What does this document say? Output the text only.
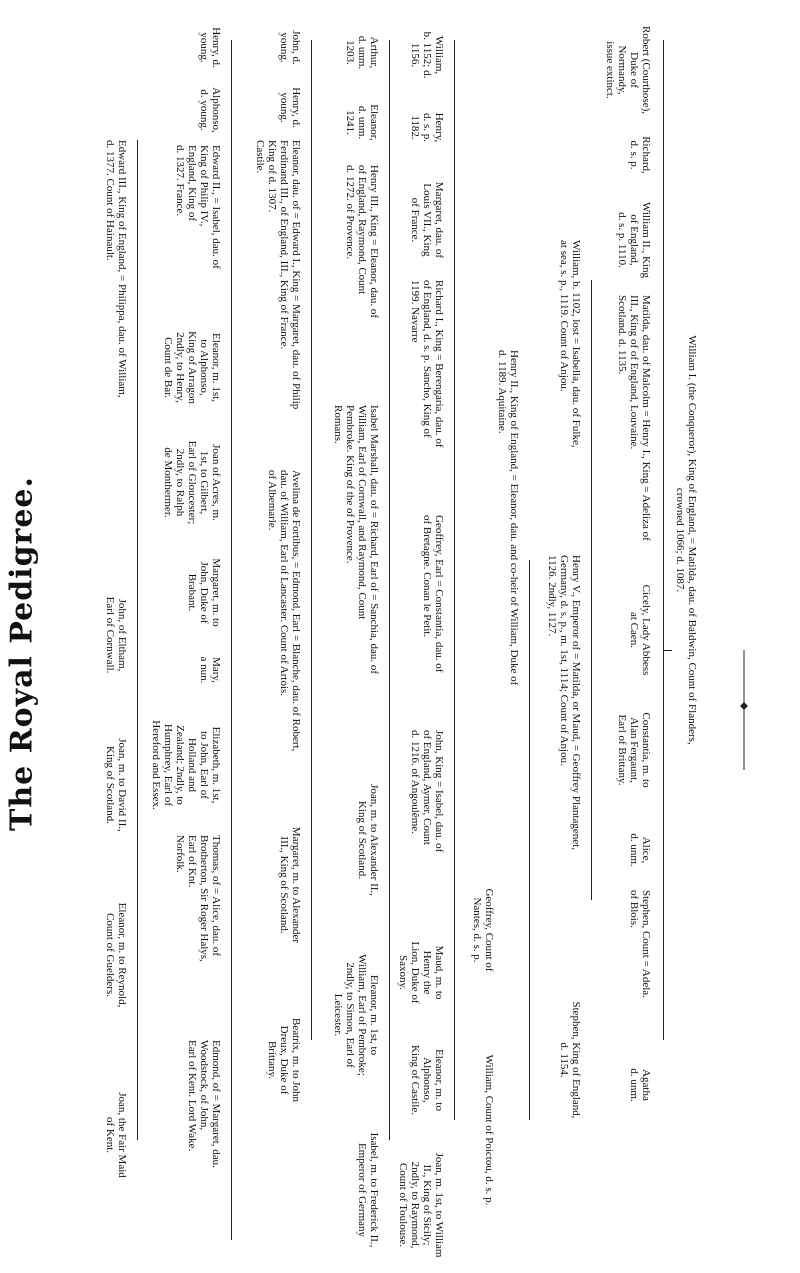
The Royal Pedigree.
William I. (the Conqueror), King of England, = Matilda, dau. of Baldwin, Count of Flanders,
crowned 1066; d. 1087.
Robert (Courthose),
Duke of
Normandy,
issue extinct.
Richard,
d. s. p.
William II., King
of England,
d. s. p. 1110.
Matilda, dau. of Malcolm = Henry I., King = Adeliza of
III., King of of England, Louvaine.
Scotland. d. 1135.
Cicely, Lady Abbess
at Caen.
Constantia, m. to
Alan Fergaunt,
Earl of Brittany.
Alice,
d. unm.
Stephen, Count = Adela.
of Blois.
Agatha
d. unm.
William, b. 1102, lost = Isabella, dau. of Fulke,
at sea, s. p., 1119. Count of Anjou.
Henry V., Emperor of = Matilda, or Maud, = Geoffrey Plantagenet,
Germany, d. s. p., m. 1st, 1114; Count of Anjou.
1126. 2ndly, 1127.
Stephen, King of England,
d. 1154.
Henry II., King of England, = Eleanor, dau. and co-heir of William, Duke of
d. 1189. Aquitaine.
Geoffrey, Count of
Nantes, d. s. p.
William, Count of Poictou, d. s. p.
William,
b. 1152; d.
1156.
Henry,
d. s. p.
1182.
Margaret, dau. of
Louis VII., King
of France.
Richard I., King = Berengaria, dau. of
of England, d. s. p. Sancho, King of
1199. Navarre
Geoffrey, Earl = Constantia, dau. of
of Bretagne. Conan le Petit.
John, King = Isabel, dau. of
of England, Aymer, Count
d. 1216. of Angoulême.
Maud, m. to
Henry the
Lion, Duke of
Saxony.
Eleanor, m. to
Alphonso,
King of Castile.
Joan, m. 1st, to William
II., King of Sicily;
2ndly, to Raymond,
Count of Toulouse.
Arthur,
d. unm.
1203.
Eleanor,
d. unm.
1241.
Henry III., King = Eleanor, dau. of
of England, Raymond, Count
d. 1272. of Provence.
Isabel Marshall, dau. of = Richard, Earl of = Sanchia, dau. of
William, Earl of Cornwall, and Raymond, Count
Pembroke. King of the of Provence.
Romans.
Joan, m. to Alexander II.,
King of Scotland.
Eleanor, m. 1st, to
William, Earl of Pembroke;
2ndly, to Simon, Earl of
Leicester.
Isabel, m. to Frederick II.,
Emperor of Germany
John, d.
young.
Henry, d.
young.
Eleanor, dau. of = Edward I., King = Margaret, dau. of Philip
Ferdinand III., of England, III., King of France.
King of d. 1307.
Castile.
Avelina de Fortibus, = Edmond, Earl = Blanche, dau. of Robert,
dau. of William, Earl of Lancaster. Count of Artois.
of Albemarle.
Margaret, m. to Alexander
III., King of Scotland.
Beatrix, m. to John
Dreux, Duke of
Brittany.
Henry, d.
young.
Alphonso,
d. young.
Edward II., = Isabel, dau. of
King of Philip IV.,
England, King of
d. 1327. France.
Eleanor, m. 1st,
to Alphonso,
King of Arragon
2ndly, to Henry,
Count de Bar.
Joan of Acres, m.
1st, to Gilbert,
Earl of Gloucester;
2ndly, to Ralph
de Monthermer.
Margaret, m. to
John, Duke of
Brabant.
Mary,
a nun.
Elizabeth, m. 1st,
to John, Earl of
Holland and
Zealand; 2ndly, to
Humphrey, Earl of
Hereford and Essex.
Thomas, of = Alice, dau. of
Brotherton, Sir Roger Halys,
Earl of Knt.
Norfolk.
Edmond, of = Margaret, dau.
Woodstock, of John,
Earl of Kent. Lord Wake.
Edward III., King of England, = Philippa, dau. of William,
d. 1377. Count of Hainault.
John, of Eltham,
Earl of Cornwall.
Joan, m. to David II.,
King of Scotland.
Eleanor, m. to Reynold,
Count of Guelders.
Joan, the Fair Maid
of Kent.
